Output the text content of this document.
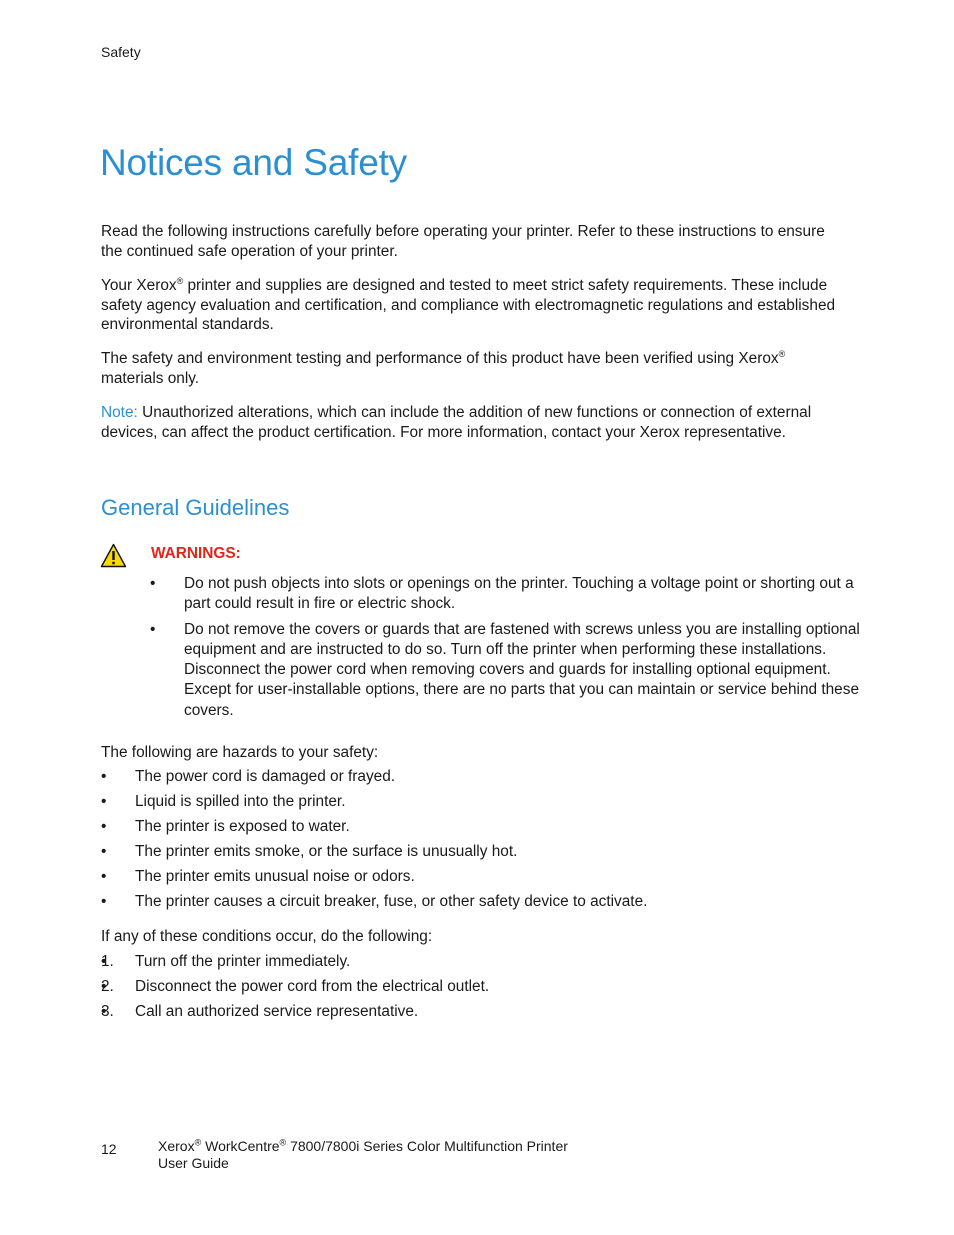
Safety
Notices and Safety

Read the following instructions carefully before operating your printer. Refer to these instructions to ensure the continued safe operation of your printer.

Your Xerox® printer and supplies are designed and tested to meet strict safety requirements. These include safety agency evaluation and certification, and compliance with electromagnetic regulations and established environmental standards.

The safety and environment testing and performance of this product have been verified using Xerox® materials only.

Note: Unauthorized alterations, which can include the addition of new functions or connection of external devices, can affect the product certification. For more information, contact your Xerox representative.

General Guidelines
WARNINGS:
• Do not push objects into slots or openings on the printer. Touching a voltage point or shorting out a part could result in fire or electric shock.
• Do not remove the covers or guards that are fastened with screws unless you are installing optional equipment and are instructed to do so. Turn off the printer when performing these installations. Disconnect the power cord when removing covers and guards for installing optional equipment. Except for user-installable options, there are no parts that you can maintain or service behind these covers.

The following are hazards to your safety:

• The power cord is damaged or frayed.
• Liquid is spilled into the printer.
• The printer is exposed to water.
• The printer emits smoke, or the surface is unusually hot.
• The printer emits unusual noise or odors.
• The printer causes a circuit breaker, fuse, or other safety device to activate.

If any of these conditions occur, do the following:

• 1. Turn off the printer immediately.
• 2. Disconnect the power cord from the electrical outlet.
• 3. Call an authorized service representative.
12	Xerox® WorkCentre® 7800/7800i Series Color Multifunction Printer
User Guide
